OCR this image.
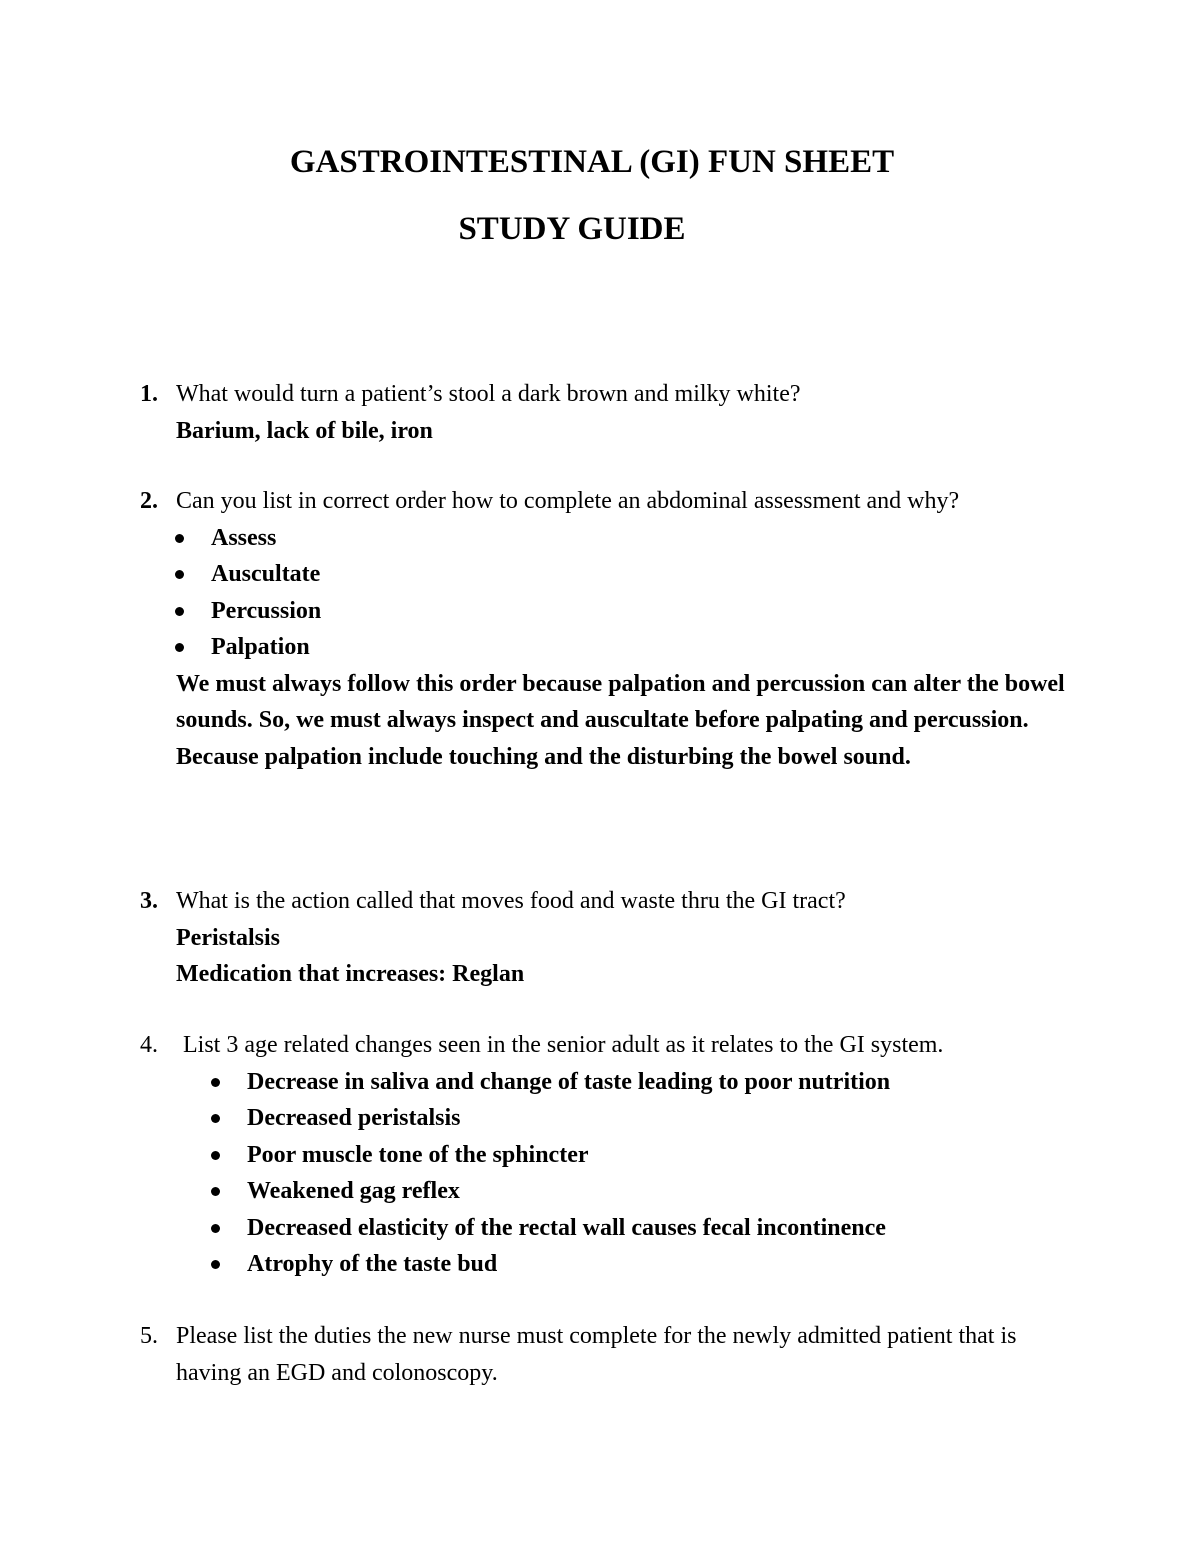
GASTROINTESTINAL (GI) FUN SHEET
STUDY GUIDE
1. What would turn a patient’s stool a dark brown and milky white?
Barium, lack of bile, iron
2. Can you list in correct order how to complete an abdominal assessment and why?
Assess
Auscultate
Percussion
Palpation
We must always follow this order because palpation and percussion can alter the bowel sounds. So, we must always inspect and auscultate before palpating and percussion. Because palpation include touching and the disturbing the bowel sound.
3. What is the action called that moves food and waste thru the GI tract?
Peristalsis
Medication that increases: Reglan
4.	List 3 age related changes seen in the senior adult as it relates to the GI system.
Decrease in saliva and change of taste leading to poor nutrition
Decreased peristalsis
Poor muscle tone of the sphincter
Weakened gag reflex
Decreased elasticity of the rectal wall causes fecal incontinence
Atrophy of the taste bud
5. Please list the duties the new nurse must complete for the newly admitted patient that is having an EGD and colonoscopy.
